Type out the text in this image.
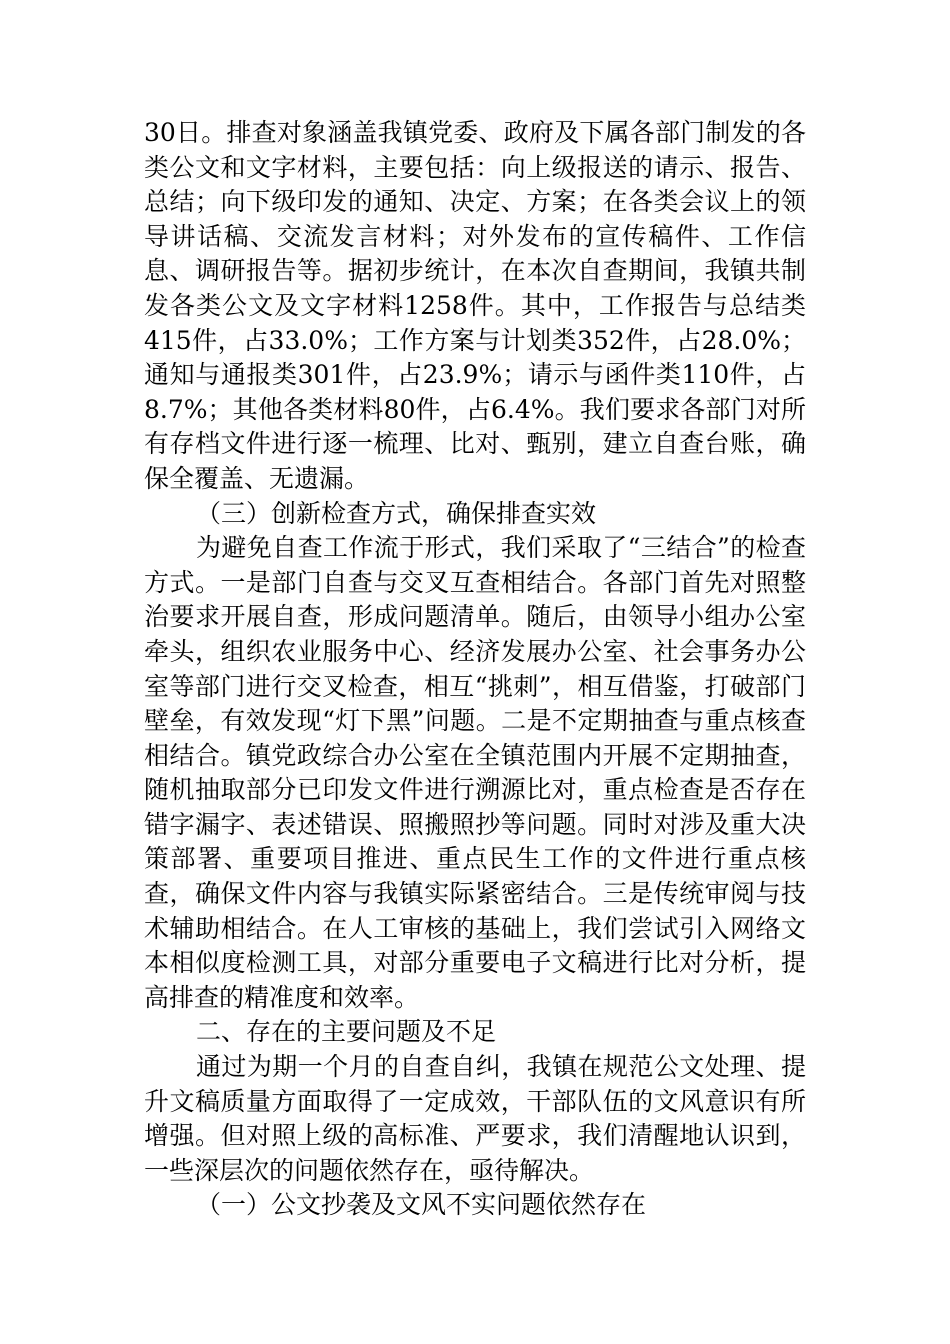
30日。排查对象涵盖我镇党委、政府及下属各部门制发的各类公文和文字材料，主要包括：向上级报送的请示、报告、总结；向下级印发的通知、决定、方案；在各类会议上的领导讲话稿、交流发言材料；对外发布的宣传稿件、工作信息、调研报告等。据初步统计，在本次自查期间，我镇共制发各类公文及文字材料1258件。其中，工作报告与总结类415件，占33.0%；工作方案与计划类352件，占28.0%；通知与通报类301件，占23.9%；请示与函件类110件，占8.7%；其他各类材料80件，占6.4%。我们要求各部门对所有存档文件进行逐一梳理、比对、甄别，建立自查台账，确保全覆盖、无遗漏。

（三）创新检查方式，确保排查实效

为避免自查工作流于形式，我们采取了“三结合”的检查方式。一是部门自查与交叉互查相结合。各部门首先对照整治要求开展自查，形成问题清单。随后，由领导小组办公室牵头，组织农业服务中心、经济发展办公室、社会事务办公室等部门进行交叉检查，相互“挑刺”，相互借鉴，打破部门壁垒，有效发现“灯下黑”问题。二是不定期抽查与重点核查相结合。镇党政综合办公室在全镇范围内开展不定期抽查，随机抽取部分已印发文件进行溯源比对，重点检查是否存在错字漏字、表述错误、照搬照抄等问题。同时对涉及重大决策部署、重要项目推进、重点民生工作的文件进行重点核查，确保文件内容与我镇实际紧密结合。三是传统审阅与技术辅助相结合。在人工审核的基础上，我们尝试引入网络文本相似度检测工具，对部分重要电子文稿进行比对分析，提高排查的精准度和效率。

二、存在的主要问题及不足

通过为期一个月的自查自纠，我镇在规范公文处理、提升文稿质量方面取得了一定成效，干部队伍的文风意识有所增强。但对照上级的高标准、严要求，我们清醒地认识到，一些深层次的问题依然存在，亟待解决。

（一）公文抄袭及文风不实问题依然存在
